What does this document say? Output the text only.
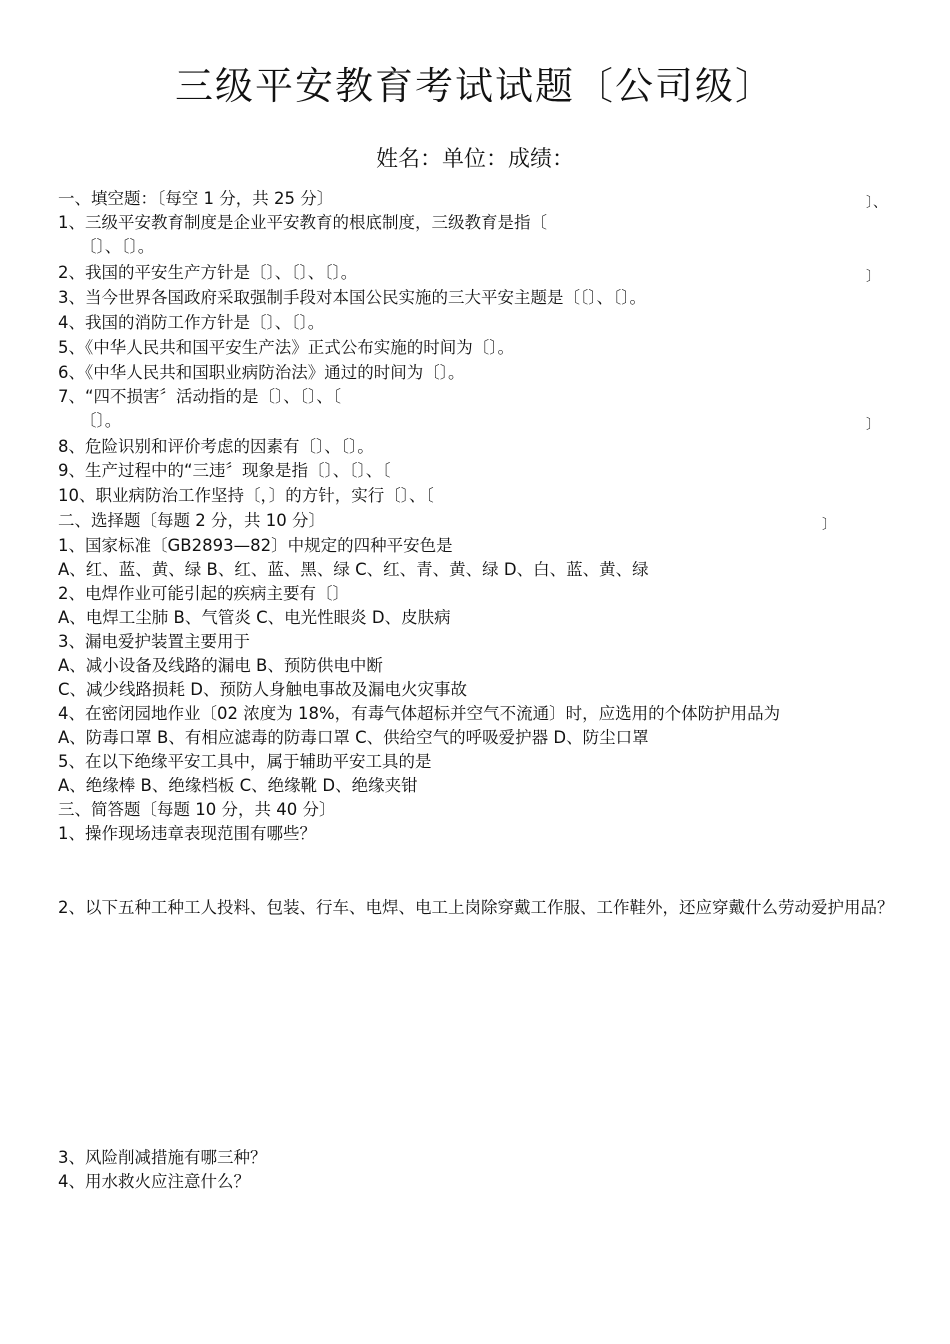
三级平安教育考试试题〔公司级〕
姓名：单位：成绩：
〕、
〕
〕
〕
一、填空题：〔每空 1 分，共 25 分〕
1、三级平安教育制度是企业平安教育的根底制度，三级教育是指〔
〔〕、〔〕。
2、我国的平安生产方针是〔〕、〔〕、〔〕。
3、当今世界各国政府采取强制手段对本国公民实施的三大平安主题是〔〔〕、〔〕。
4、我国的消防工作方针是〔〕、〔〕。
5、《中华人民共和国平安生产法》正式公布实施的时间为〔〕。
6、《中华人民共和国职业病防治法》通过的时间为〔〕。
7、“四不损害〞活动指的是〔〕、〔〕、〔
〔〕。
8、危险识别和评价考虑的因素有〔〕、〔〕。
9、生产过程中的“三违〞现象是指〔〕、〔〕、〔
10、职业病防治工作坚持〔，〕的方针，实行〔〕、〔
二、选择题〔每题 2 分，共 10 分〕
1、国家标准〔GB2893—82〕中规定的四种平安色是
A、红、蓝、黄、绿 B、红、蓝、黑、绿 C、红、青、黄、绿 D、白、蓝、黄、绿
2、电焊作业可能引起的疾病主要有〔〕
A、电焊工尘肺 B、气管炎 C、电光性眼炎 D、皮肤病
3、漏电爱护装置主要用于
A、减小设备及线路的漏电 B、预防供电中断
C、减少线路损耗 D、预防人身触电事故及漏电火灾事故
4、在密闭园地作业〔02 浓度为 18%，有毒气体超标并空气不流通〕时，应选用的个体防护用品为
A、防毒口罩 B、有相应滤毒的防毒口罩 C、供给空气的呼吸爱护器 D、防尘口罩
5、在以下绝缘平安工具中，属于辅助平安工具的是
A、绝缘棒 B、绝缘档板 C、绝缘靴 D、绝缘夹钳
三、简答题〔每题 10 分，共 40 分〕
1、操作现场违章表现范围有哪些？
2、以下五种工种工人投料、包装、行车、电焊、电工上岗除穿戴工作服、工作鞋外，还应穿戴什么劳动爱护用品？
3、风险削减措施有哪三种？
4、用水救火应注意什么？
